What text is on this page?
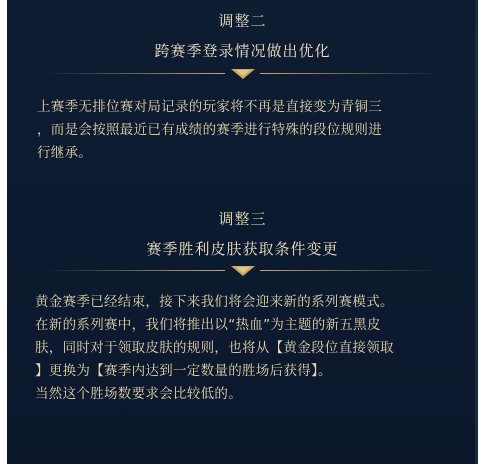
调整二
跨赛季登录情况做出优化
上赛季无排位赛对局记录的玩家将不再是直接变为青铜三
，而是会按照最近已有成绩的赛季进行特殊的段位规则进
行继承。
调整三
赛季胜利皮肤获取条件变更
黄金赛季已经结束，接下来我们将会迎来新的系列赛模式。
在新的系列赛中，我们将推出以“热血”为主题的新五黑皮
肤，同时对于领取皮肤的规则，也将从【黄金段位直接领取
】更换为【赛季内达到一定数量的胜场后获得】。
当然这个胜场数要求会比较低的。
